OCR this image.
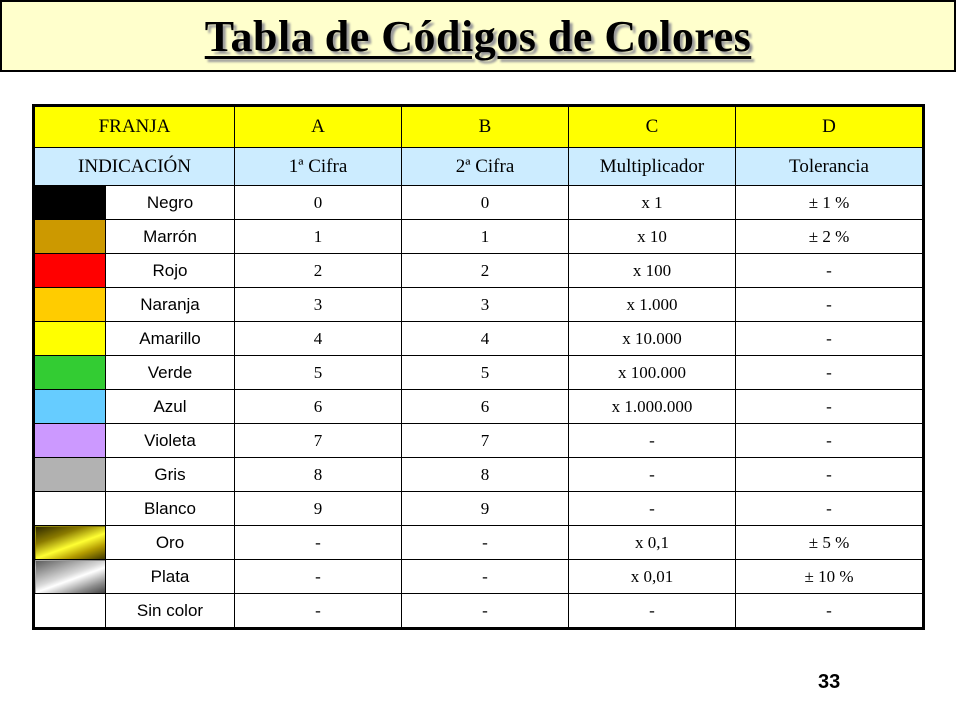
Tabla de Códigos de Colores
FRANJA		A	B	C	D
INDICACIÓN		1ª Cifra	2ª Cifra	Multiplicador	Tolerancia
	Negro	0	0	x 1	± 1 %
	Marrón	1	1	x 10	± 2 %
	Rojo	2	2	x 100	-
	Naranja	3	3	x 1.000	-
	Amarillo	4	4	x 10.000	-
	Verde	5	5	x 100.000	-
	Azul	6	6	x 1.000.000	-
	Violeta	7	7	-	-
	Gris	8	8	-	-
	Blanco	9	9	-	-
	Oro	-	-	x 0,1	± 5 %
	Plata	-	-	x 0,01	± 10 %
	Sin color	-	-	-	-
33
